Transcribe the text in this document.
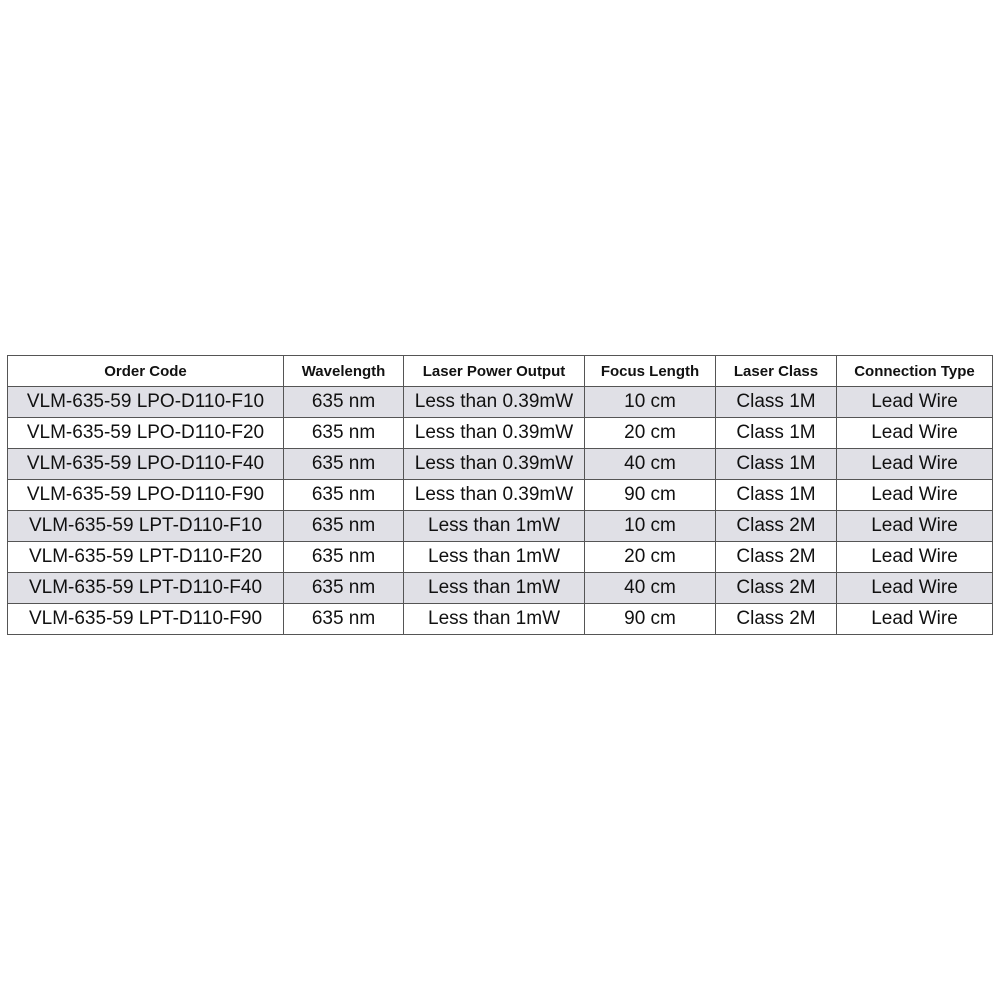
Order Code	Wavelength	Laser Power Output	Focus Length	Laser Class	Connection Type
VLM-635-59 LPO-D110-F10	635 nm	Less than 0.39mW	10 cm	Class 1M	Lead Wire
VLM-635-59 LPO-D110-F20	635 nm	Less than 0.39mW	20 cm	Class 1M	Lead Wire
VLM-635-59 LPO-D110-F40	635 nm	Less than 0.39mW	40 cm	Class 1M	Lead Wire
VLM-635-59 LPO-D110-F90	635 nm	Less than 0.39mW	90 cm	Class 1M	Lead Wire
VLM-635-59 LPT-D110-F10	635 nm	Less than 1mW	10 cm	Class 2M	Lead Wire
VLM-635-59 LPT-D110-F20	635 nm	Less than 1mW	20 cm	Class 2M	Lead Wire
VLM-635-59 LPT-D110-F40	635 nm	Less than 1mW	40 cm	Class 2M	Lead Wire
VLM-635-59 LPT-D110-F90	635 nm	Less than 1mW	90 cm	Class 2M	Lead Wire
